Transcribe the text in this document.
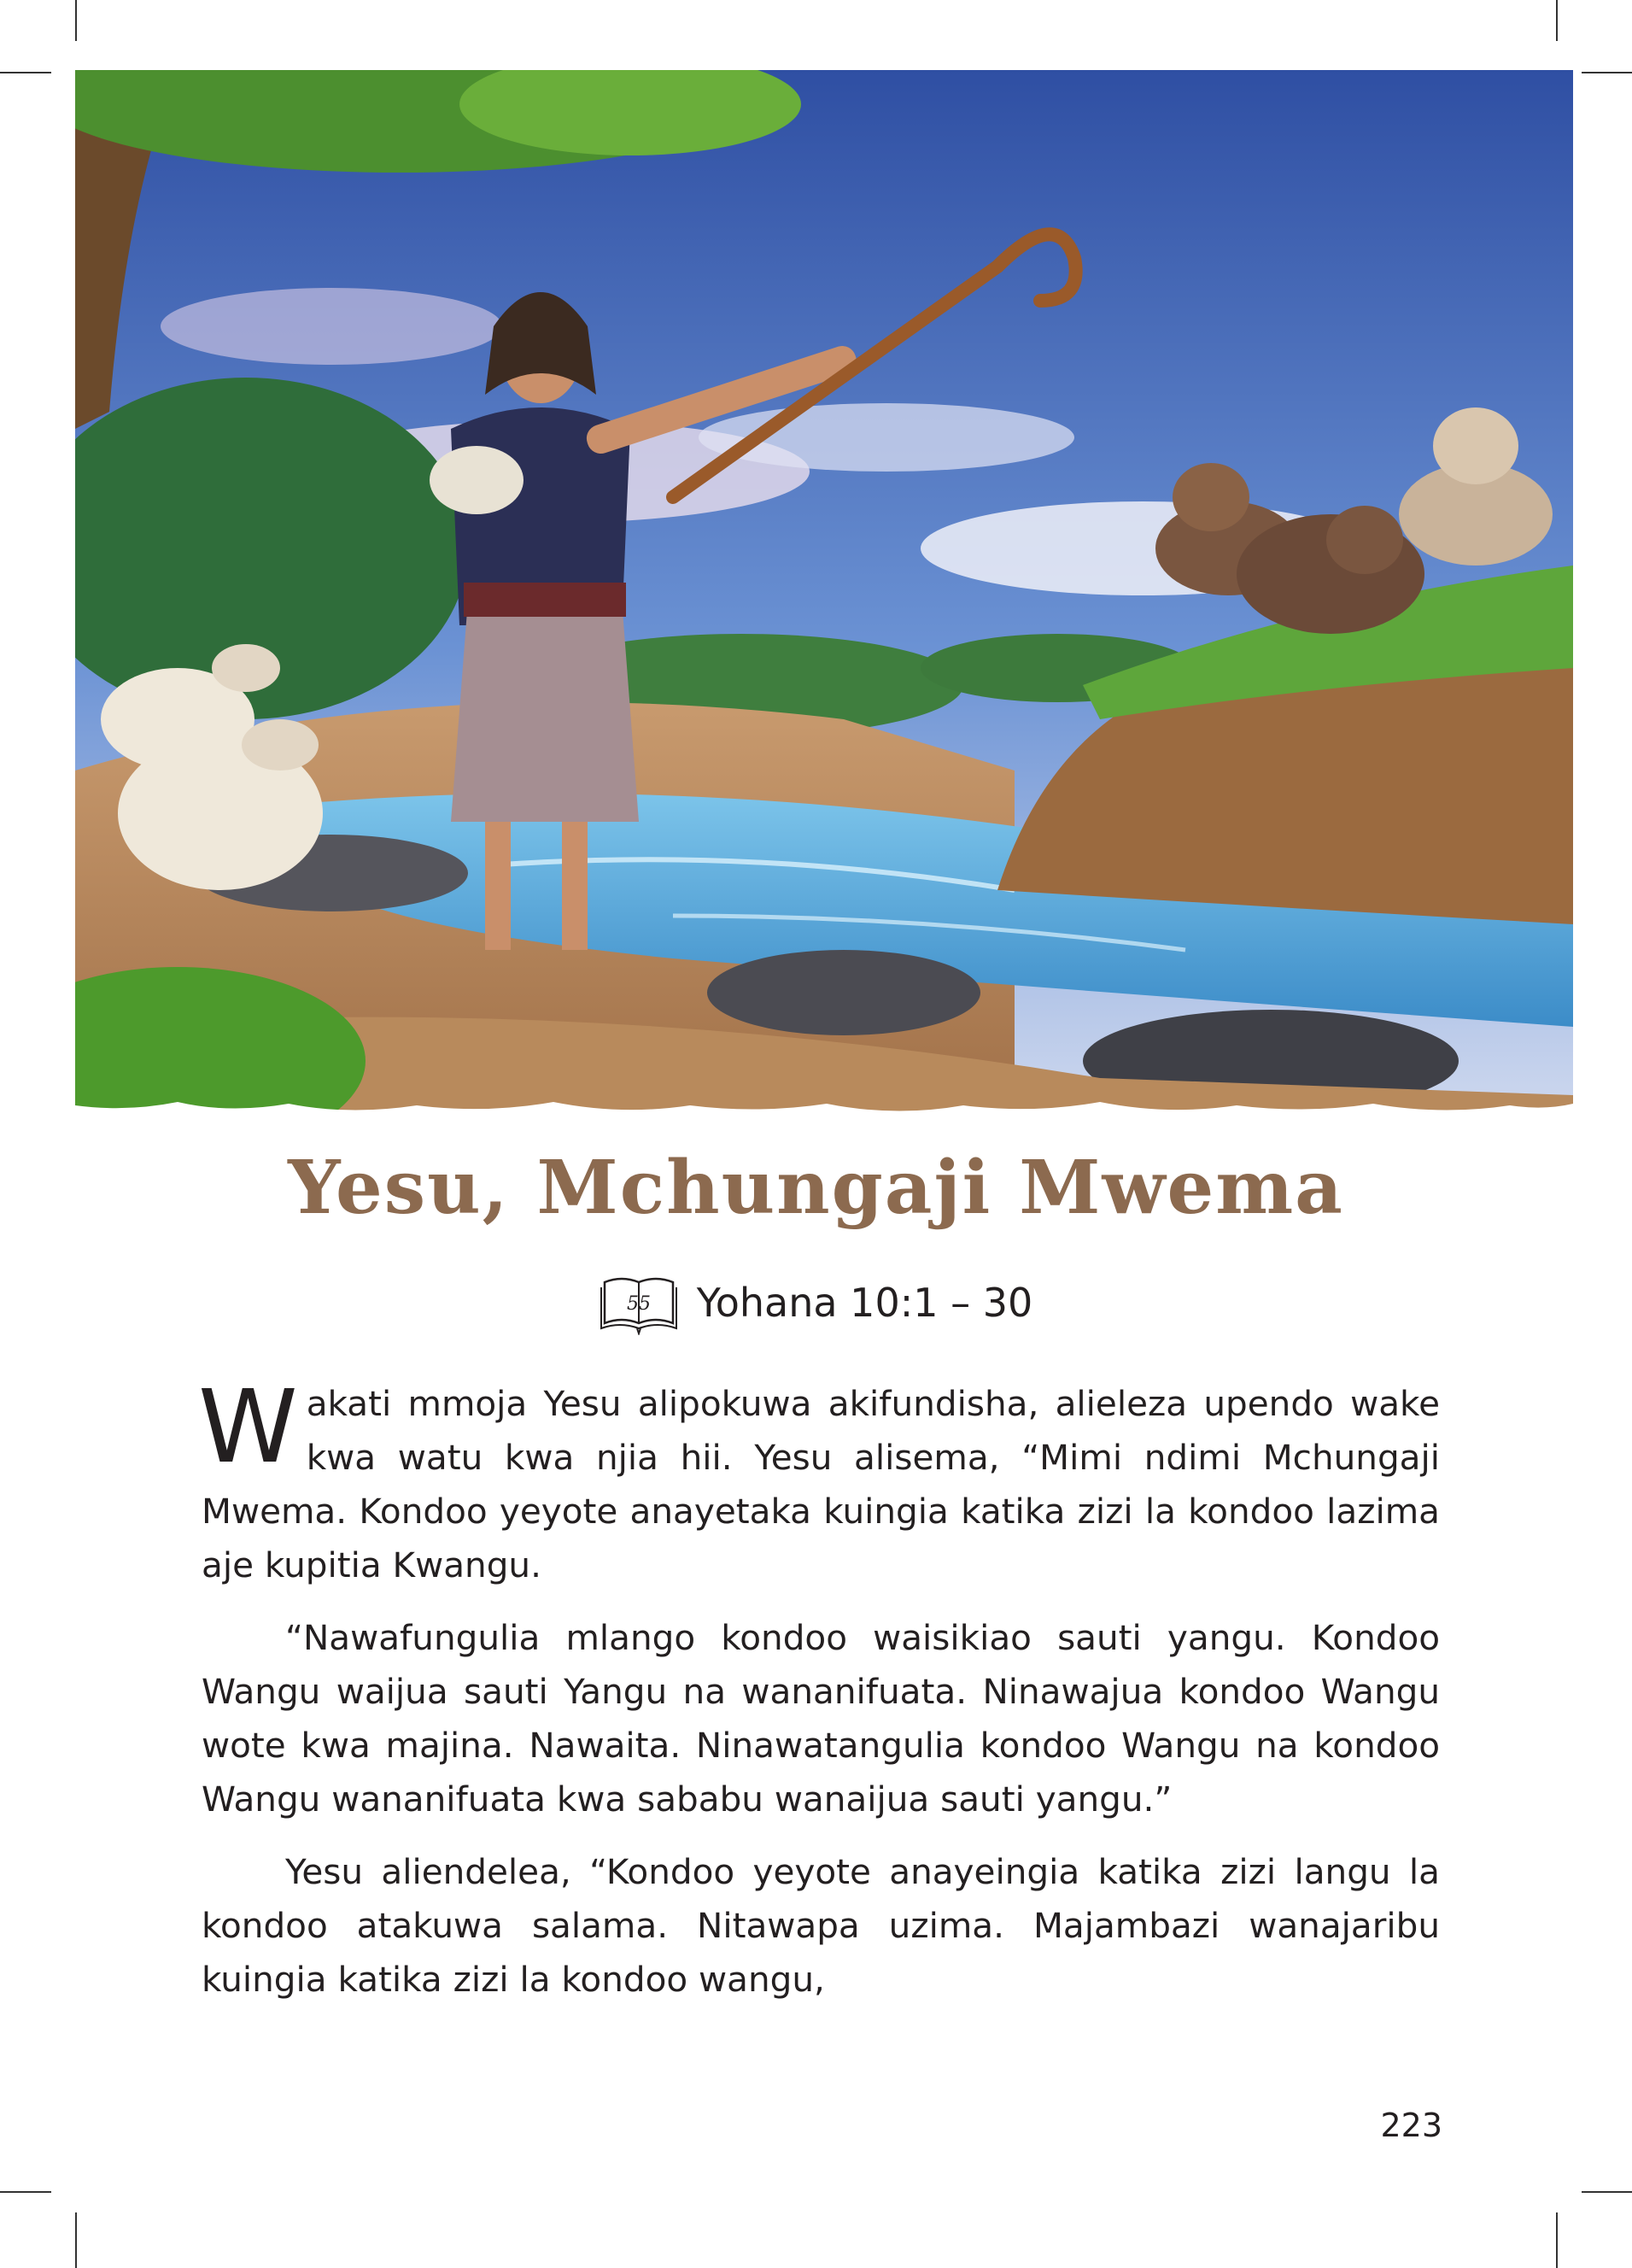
Yesu, Mchungaji Mwema
55 Yohana 10:1 – 30

Wakati mmoja Yesu alipokuwa akifundisha, alieleza upendo wake kwa watu kwa njia hii. Yesu alisema, “Mimi ndimi Mchungaji Mwema. Kondoo yeyote anayetaka kuingia katika zizi la kondoo lazima aje kupitia Kwangu.

“Nawafungulia mlango kondoo waisikiao sauti yangu. Kondoo Wangu waijua sauti Yangu na wananifuata. Ninawajua kondoo Wangu wote kwa majina. Nawaita. Ninawatangulia kondoo Wangu na kondoo Wangu wananifuata kwa sababu wanaijua sauti yangu.”

Yesu aliendelea, “Kondoo yeyote anayeingia katika zizi langu la kondoo atakuwa salama. Nitawapa uzima. Majambazi wanajaribu kuingia katika zizi la kondoo wangu,

223
